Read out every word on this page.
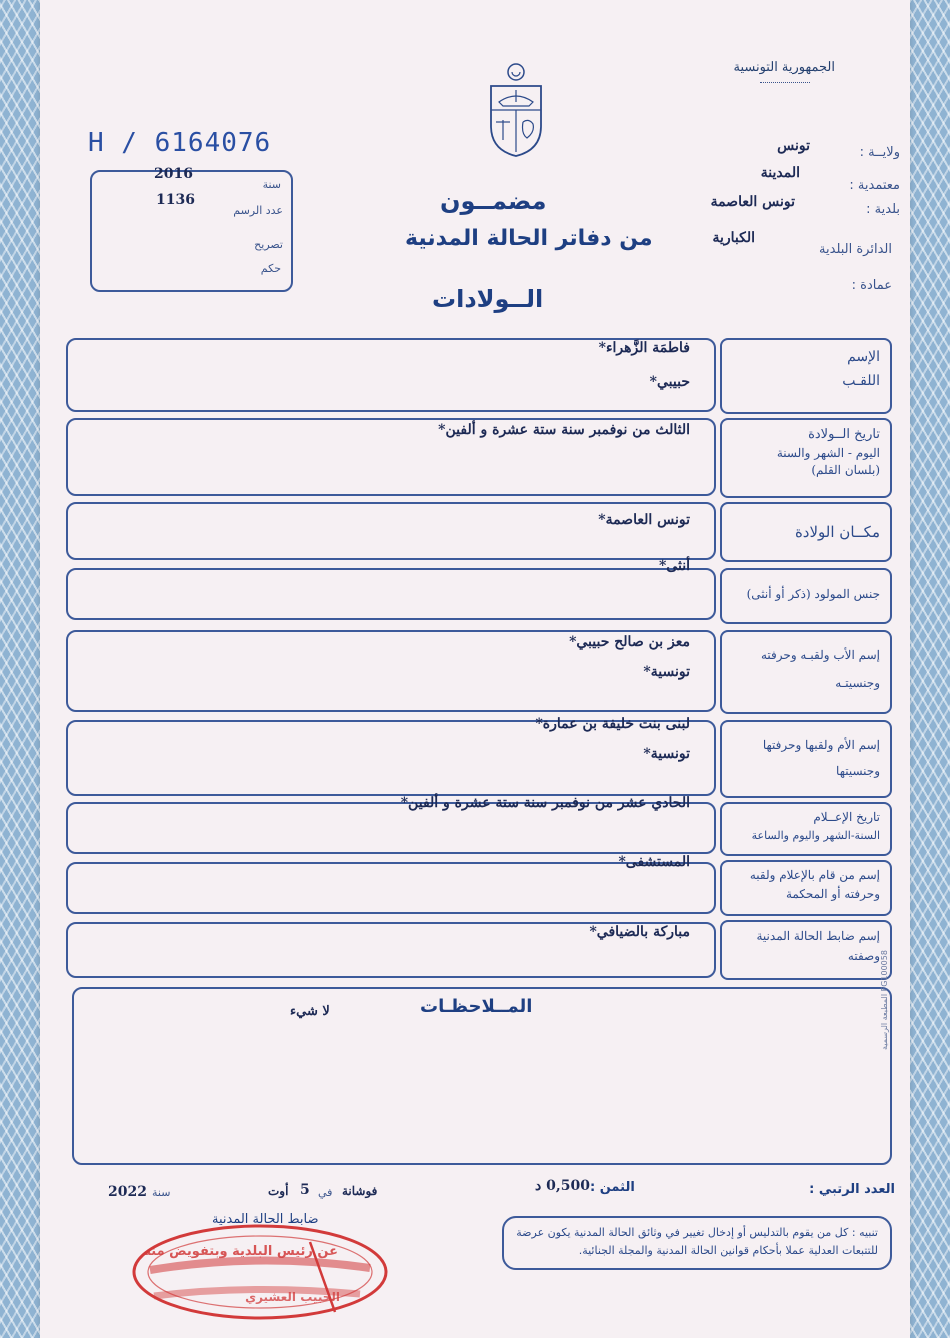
الجمهورية التونسية
ولايــة :
تونس
المدينة
معتمدية :
بلدية :
تونس العاصمة
الكبارية
الدائرة البلدية
عمادة :
H / 6164076
سنة
2016
عدد الرسم
1136
تصريح
حكم
مضمــون
من دفاتر الحالة المدنية
الــولادات
الإسم
اللقـب
فاطمَة الزَّهراء*
حبيبي*
تاريخ الــولادة
اليوم - الشهر والسنة
(بلسان القلم)
الثالث من نوفمبر سنة ستة عشرة و ألفين*
مكــان الولادة
تونس العاصمة*
جنس المولود (ذكر أو أنثى)
أنثى*
إسم الأب ولقبـه وحرفته
وجنسيتـه
معز بن صالح حبيبي*
تونسية*
إسم الأم ولقبها وحرفتها
وجنسيتها
لبنى بنت خليفة بن عمارة*
تونسية*
تاريخ الإعــلام
السنة-الشهر واليوم والساعة
الحادي عشر من نوفمبر سنة ستة عشرة و ألفين*
إسم من قام بالإعلام ولقبه
وحرفته أو المحكمة
المستشفى*
إسم ضابط الحالة المدنية
وصفته
مباركة بالضيافي*
المــلاحظـات
لا شيء	المطبعة الرسمية FG100058
العدد الرتبي :
الثمن :
0,500 د
فوشانة
في
5
أوت
سنة
2022
ضابط الحالة المدنية
تنبيه : كل من يقوم بالتدليس أو إدخال تغيير في وثائق الحالة المدنية يكون عرضة للتتبعات العدلية عملا بأحكام قوانين الحالة المدنية والمجلة الجنائية.
عن رئيس البلدية وبتفويض منه
الحبيب العشيري
